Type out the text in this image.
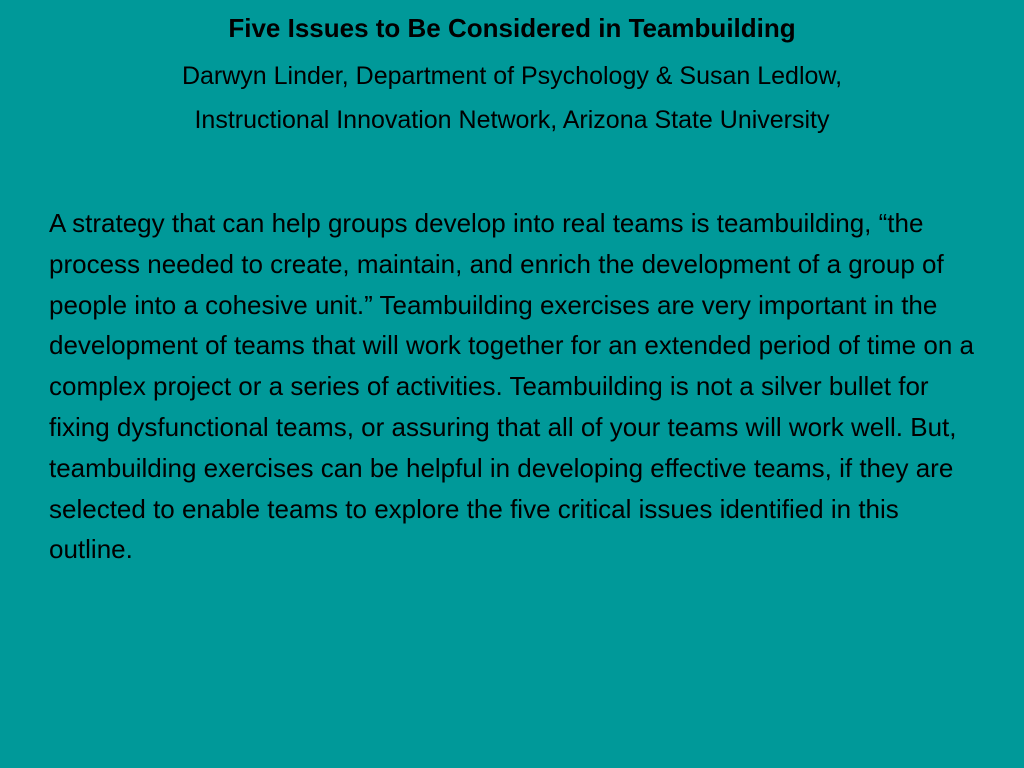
Five Issues to Be Considered in Teambuilding

Darwyn Linder, Department of Psychology & Susan Ledlow,
Instructional Innovation Network, Arizona State University

A strategy that can help groups develop into real teams is teambuilding, “the process needed to create, maintain, and enrich the development of a group of people into a cohesive unit.” Teambuilding exercises are very important in the development of teams that will work together for an extended period of time on a complex project or a series of activities. Teambuilding is not a silver bullet for fixing dysfunctional teams, or assuring that all of your teams will work well. But, teambuilding exercises can be helpful in developing effective teams, if they are selected to enable teams to explore the five critical issues identified in this outline.
